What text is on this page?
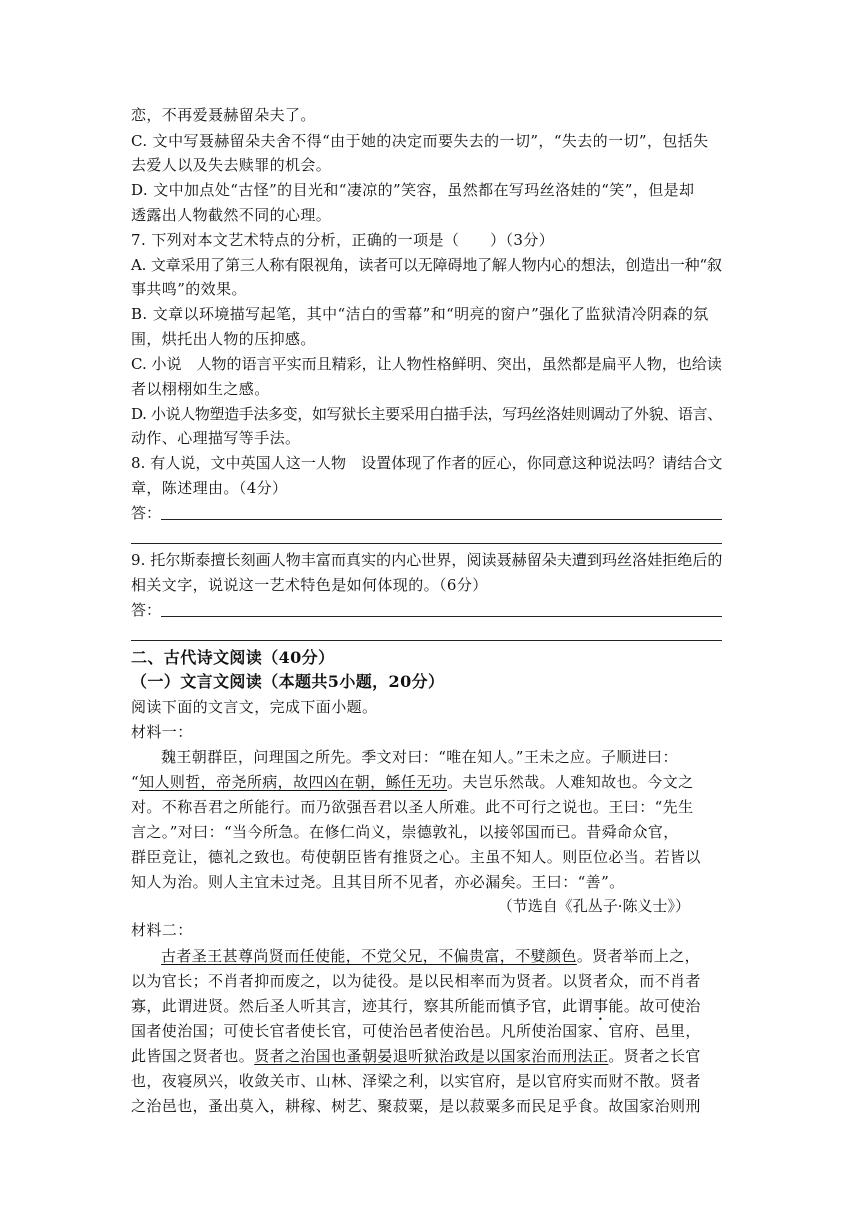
恋，不再爱聂赫留朵夫了。
C. 文中写聂赫留朵夫舍不得“由于她的决定而要失去的一切”，“失去的一切”，包括失
去爱人以及失去赎罪的机会。
D. 文中加点处“古怪”的目光和“凄凉的”笑容，虽然都在写玛丝洛娃的“笑”，但是却
透露出人物截然不同的心理。
7. 下列对本文艺术特点的分析，正确的一项是（　　）（3分）
A. 文章采用了第三人称有限视角，读者可以无障碍地了解人物内心的想法，创造出一种“叙
事共鸣”的效果。
B. 文章以环境描写起笔，其中“洁白的雪幕”和“明亮的窗户”强化了监狱清冷阴森的氛
围，烘托出人物的压抑感。
C. 小说　人物的语言平实而且精彩，让人物性格鲜明、突出，虽然都是扁平人物，也给读
者以栩栩如生之感。
D. 小说人物塑造手法多变，如写狱长主要采用白描手法，写玛丝洛娃则调动了外貌、语言、
动作、心理描写等手法。
8. 有人说，文中英国人这一人物　设置体现了作者的匠心，你同意这种说法吗？请结合文
章，陈述理由。（4分）
答：
9. 托尔斯泰擅长刻画人物丰富而真实的内心世界，阅读聂赫留朵夫遭到玛丝洛娃拒绝后的
相关文字，说说这一艺术特色是如何体现的。（6分）
答：
二、古代诗文阅读（40分）
（一）文言文阅读（本题共5小题，20分）
阅读下面的文言文，完成下面小题。
材料一：
魏王朝群臣，问理国之所先。季文对曰：“唯在知人。”王未之应。子顺进曰：
“知人则哲，帝尧所病，故四凶在朝，鲧任无功。夫岂乐然哉。人难知故也。今文之
对。不称吾君之所能行。而乃欲强吾君以圣人所难。此不可行之说也。王曰：“先生
言之。”对曰：“当今所急。在修仁尚义，崇德敦礼，以接邻国而已。昔舜命众官，
群臣竞让，德礼之致也。苟使朝臣皆有推贤之心。主虽不知人。则臣位必当。若皆以
知人为治。则人主宜未过尧。且其目所不见者，亦必漏矣。王曰：“善”。
（节选自《孔丛子·陈义士》）
材料二：
古者圣王甚尊尚贤而任使能，不党父兄，不偏贵富，不嬖颜色。贤者举而上之，
以为官长；不肖者抑而废之，以为徒役。是以民相率而为贤者。以贤者众，而不肖者
寡，此谓进贤。然后圣人听其言，迹其行，察其所能而慎予官，此谓事能。故可使治
国者使治国；可使长官者使长官，可使治邑者使治邑。凡所使治国家、官府、邑里，
此皆国之贤者也。贤者之治国也蚤朝晏退听狱治政是以国家治而刑法正。贤者之长官
也，夜寝夙兴，收敛关市、山林、泽梁之利，以实官府，是以官府实而财不散。贤者
之治邑也，蚤出莫入，耕稼、树艺、聚菽粟，是以菽粟多而民足乎食。故国家治则刑
